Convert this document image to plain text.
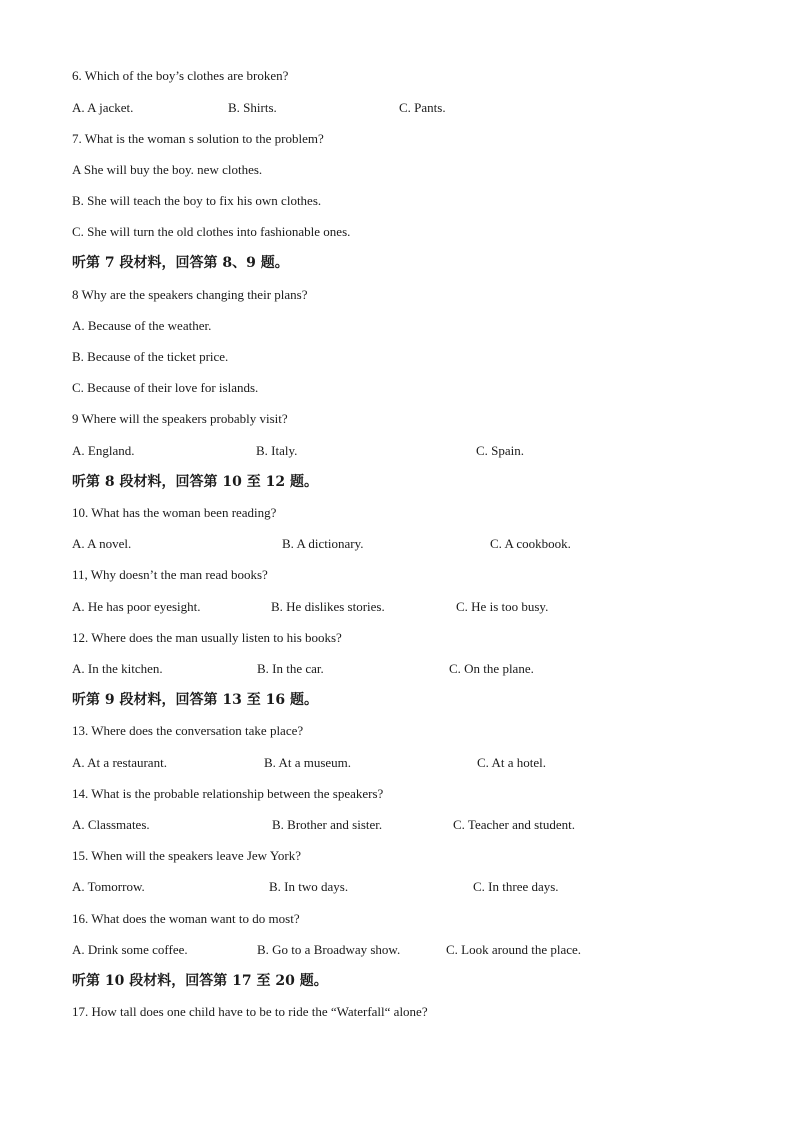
6. Which of the boy’s clothes are broken?
A. A jacket.	B. Shirts.	C. Pants.
7. What is the woman s solution to the problem?
A She will buy the boy. new clothes.
B. She will teach the boy to fix his own clothes.
C. She will turn the old clothes into fashionable ones.
听第 7 段材料，回答第 8、9 题。
8 Why are the speakers changing their plans?
A. Because of the weather.
B. Because of the ticket price.
C. Because of their love for islands.
9 Where will the speakers probably visit?
A. England.	B. Italy.	C. Spain.
听第 8 段材料，回答第 10 至 12 题。
10. What has the woman been reading?
A. A novel.	B. A dictionary.	C. A cookbook.
11, Why doesn’t the man read books?
A. He has poor eyesight.	B. He dislikes stories.	C. He is too busy.
12. Where does the man usually listen to his books?
A. In the kitchen.	B. In the car.	C. On the plane.
听第 9 段材料，回答第 13 至 16 题。
13. Where does the conversation take place?
A. At a restaurant.	B. At a museum.	C. At a hotel.
14. What is the probable relationship between the speakers?
A. Classmates.	B. Brother and sister.	C. Teacher and student.
15. When will the speakers leave Jew York?
A. Tomorrow.	B. In two days.	C. In three days.
16. What does the woman want to do most?
A. Drink some coffee.	B. Go to a Broadway show.	C. Look around the place.
听第 10 段材料，回答第 17 至 20 题。
17. How tall does one child have to be to ride the “Waterfall“ alone?
